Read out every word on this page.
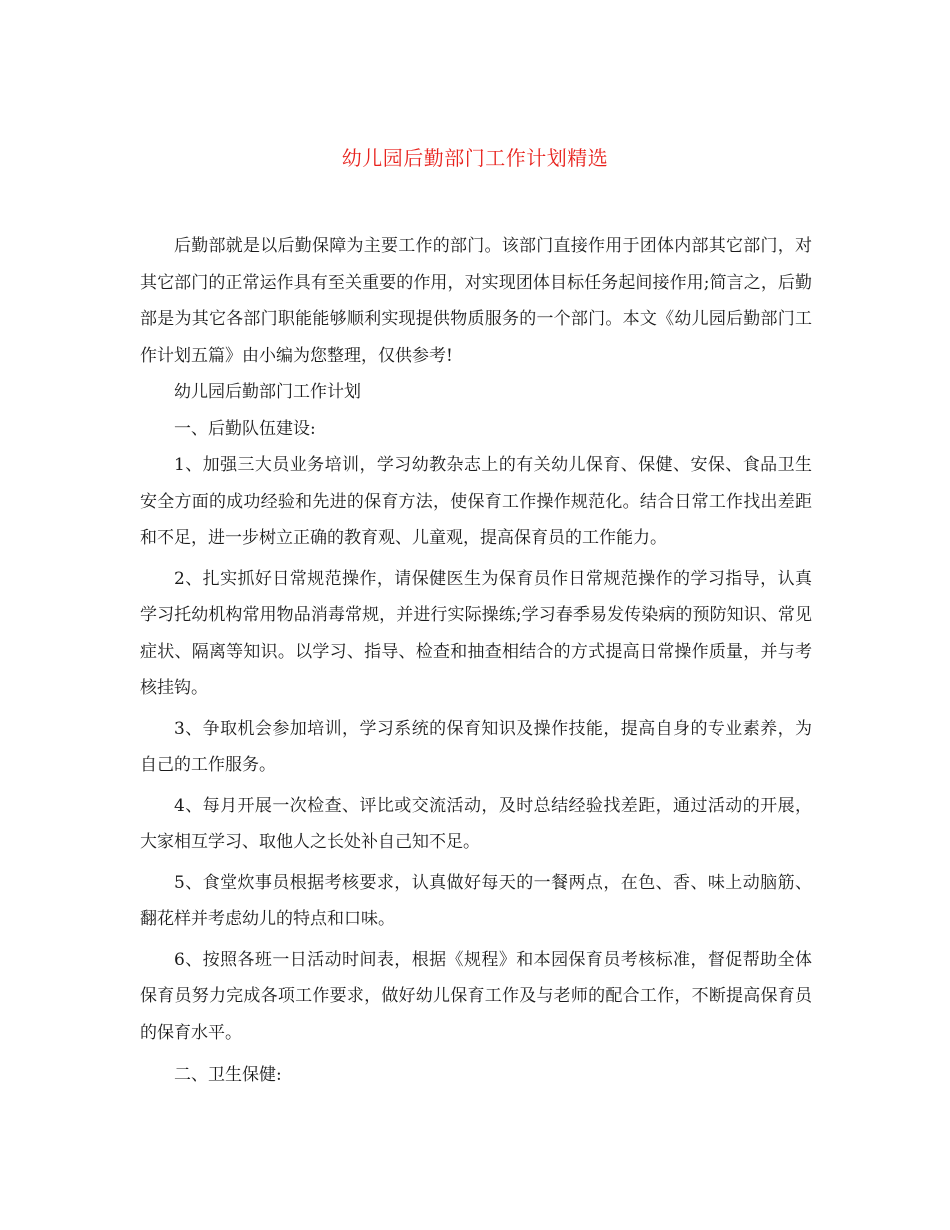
幼儿园后勤部门工作计划精选

后勤部就是以后勤保障为主要工作的部门。该部门直接作用于团体内部其它部门，对其它部门的正常运作具有至关重要的作用，对实现团体目标任务起间接作用;简言之，后勤部是为其它各部门职能能够顺利实现提供物质服务的一个部门。本文《幼儿园后勤部门工作计划五篇》由小编为您整理，仅供参考!

幼儿园后勤部门工作计划

一、后勤队伍建设:

1、加强三大员业务培训，学习幼教杂志上的有关幼儿保育、保健、安保、食品卫生安全方面的成功经验和先进的保育方法，使保育工作操作规范化。结合日常工作找出差距和不足，进一步树立正确的教育观、儿童观，提高保育员的工作能力。

2、扎实抓好日常规范操作，请保健医生为保育员作日常规范操作的学习指导，认真学习托幼机构常用物品消毒常规，并进行实际操练;学习春季易发传染病的预防知识、常见症状、隔离等知识。以学习、指导、检查和抽查相结合的方式提高日常操作质量，并与考核挂钩。

3、争取机会参加培训，学习系统的保育知识及操作技能，提高自身的专业素养，为自己的工作服务。

4、每月开展一次检查、评比或交流活动，及时总结经验找差距，通过活动的开展，大家相互学习、取他人之长处补自己知不足。

5、食堂炊事员根据考核要求，认真做好每天的一餐两点，在色、香、味上动脑筋、翻花样并考虑幼儿的特点和口味。

6、按照各班一日活动时间表，根据《规程》和本园保育员考核标准，督促帮助全体保育员努力完成各项工作要求，做好幼儿保育工作及与老师的配合工作，不断提高保育员的保育水平。

二、卫生保健:
